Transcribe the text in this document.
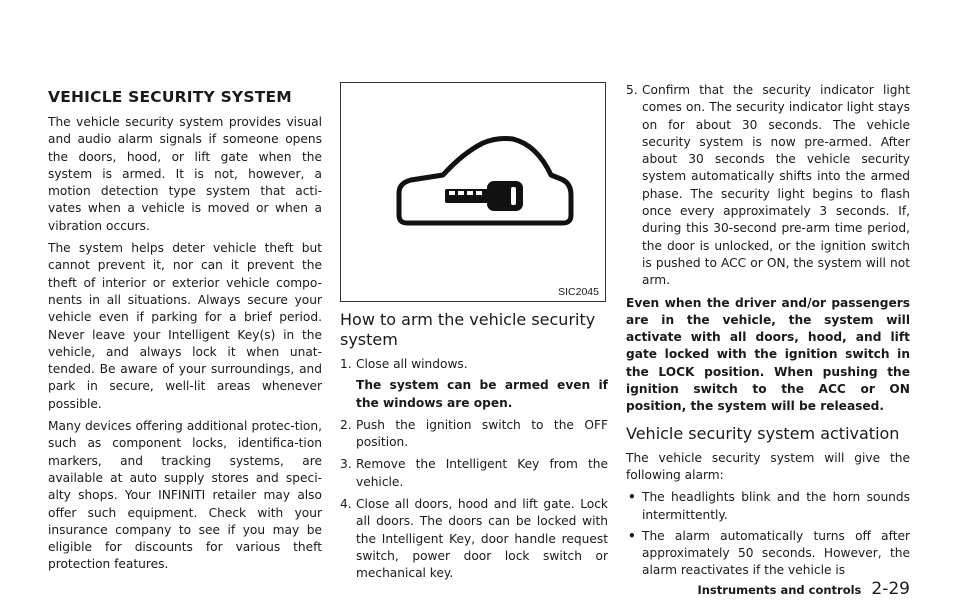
VEHICLE SECURITY SYSTEM

The vehicle security system provides visual and audio alarm signals if someone opens the doors, hood, or lift gate when the system is armed. It is not, however, a motion detection type system that acti-vates when a vehicle is moved or when a vibration occurs.

The system helps deter vehicle theft but cannot prevent it, nor can it prevent the theft of interior or exterior vehicle compo-nents in all situations. Always secure your vehicle even if parking for a brief period. Never leave your Intelligent Key(s) in the vehicle, and always lock it when unat-tended. Be aware of your surroundings, and park in secure, well-lit areas whenever possible.

Many devices offering additional protec-tion, such as component locks, identifica-tion markers, and tracking systems, are available at auto supply stores and speci-alty shops. Your INFINITI retailer may also offer such equipment. Check with your insurance company to see if you may be eligible for discounts for various theft protection features.

SIC2045
How to arm the vehicle security system
1. Close all windows.
The system can be armed even if the windows are open.
2. Push the ignition switch to the OFF position.
3. Remove the Intelligent Key from the vehicle.
4. Close all doors, hood and lift gate. Lock all doors. The doors can be locked with the Intelligent Key, door handle request switch, power door lock switch or mechanical key.
5. Confirm that the security indicator light comes on. The security indicator light stays on for about 30 seconds. The vehicle security system is now pre-armed. After about 30 seconds the vehicle security system automatically shifts into the armed phase. The security light begins to flash once every approximately 3 seconds. If, during this 30-second pre-arm time period, the door is unlocked, or the ignition switch is pushed to ACC or ON, the system will not arm.

Even when the driver and/or passengers are in the vehicle, the system will activate with all doors, hood, and lift gate locked with the ignition switch in the LOCK position. When pushing the ignition switch to the ACC or ON position, the system will be released.

Vehicle security system activation

The vehicle security system will give the following alarm:

• The headlights blink and the horn sounds intermittently.
• The alarm automatically turns off after approximately 50 seconds. However, the alarm reactivates if the vehicle is
Instruments and controls 2-29
